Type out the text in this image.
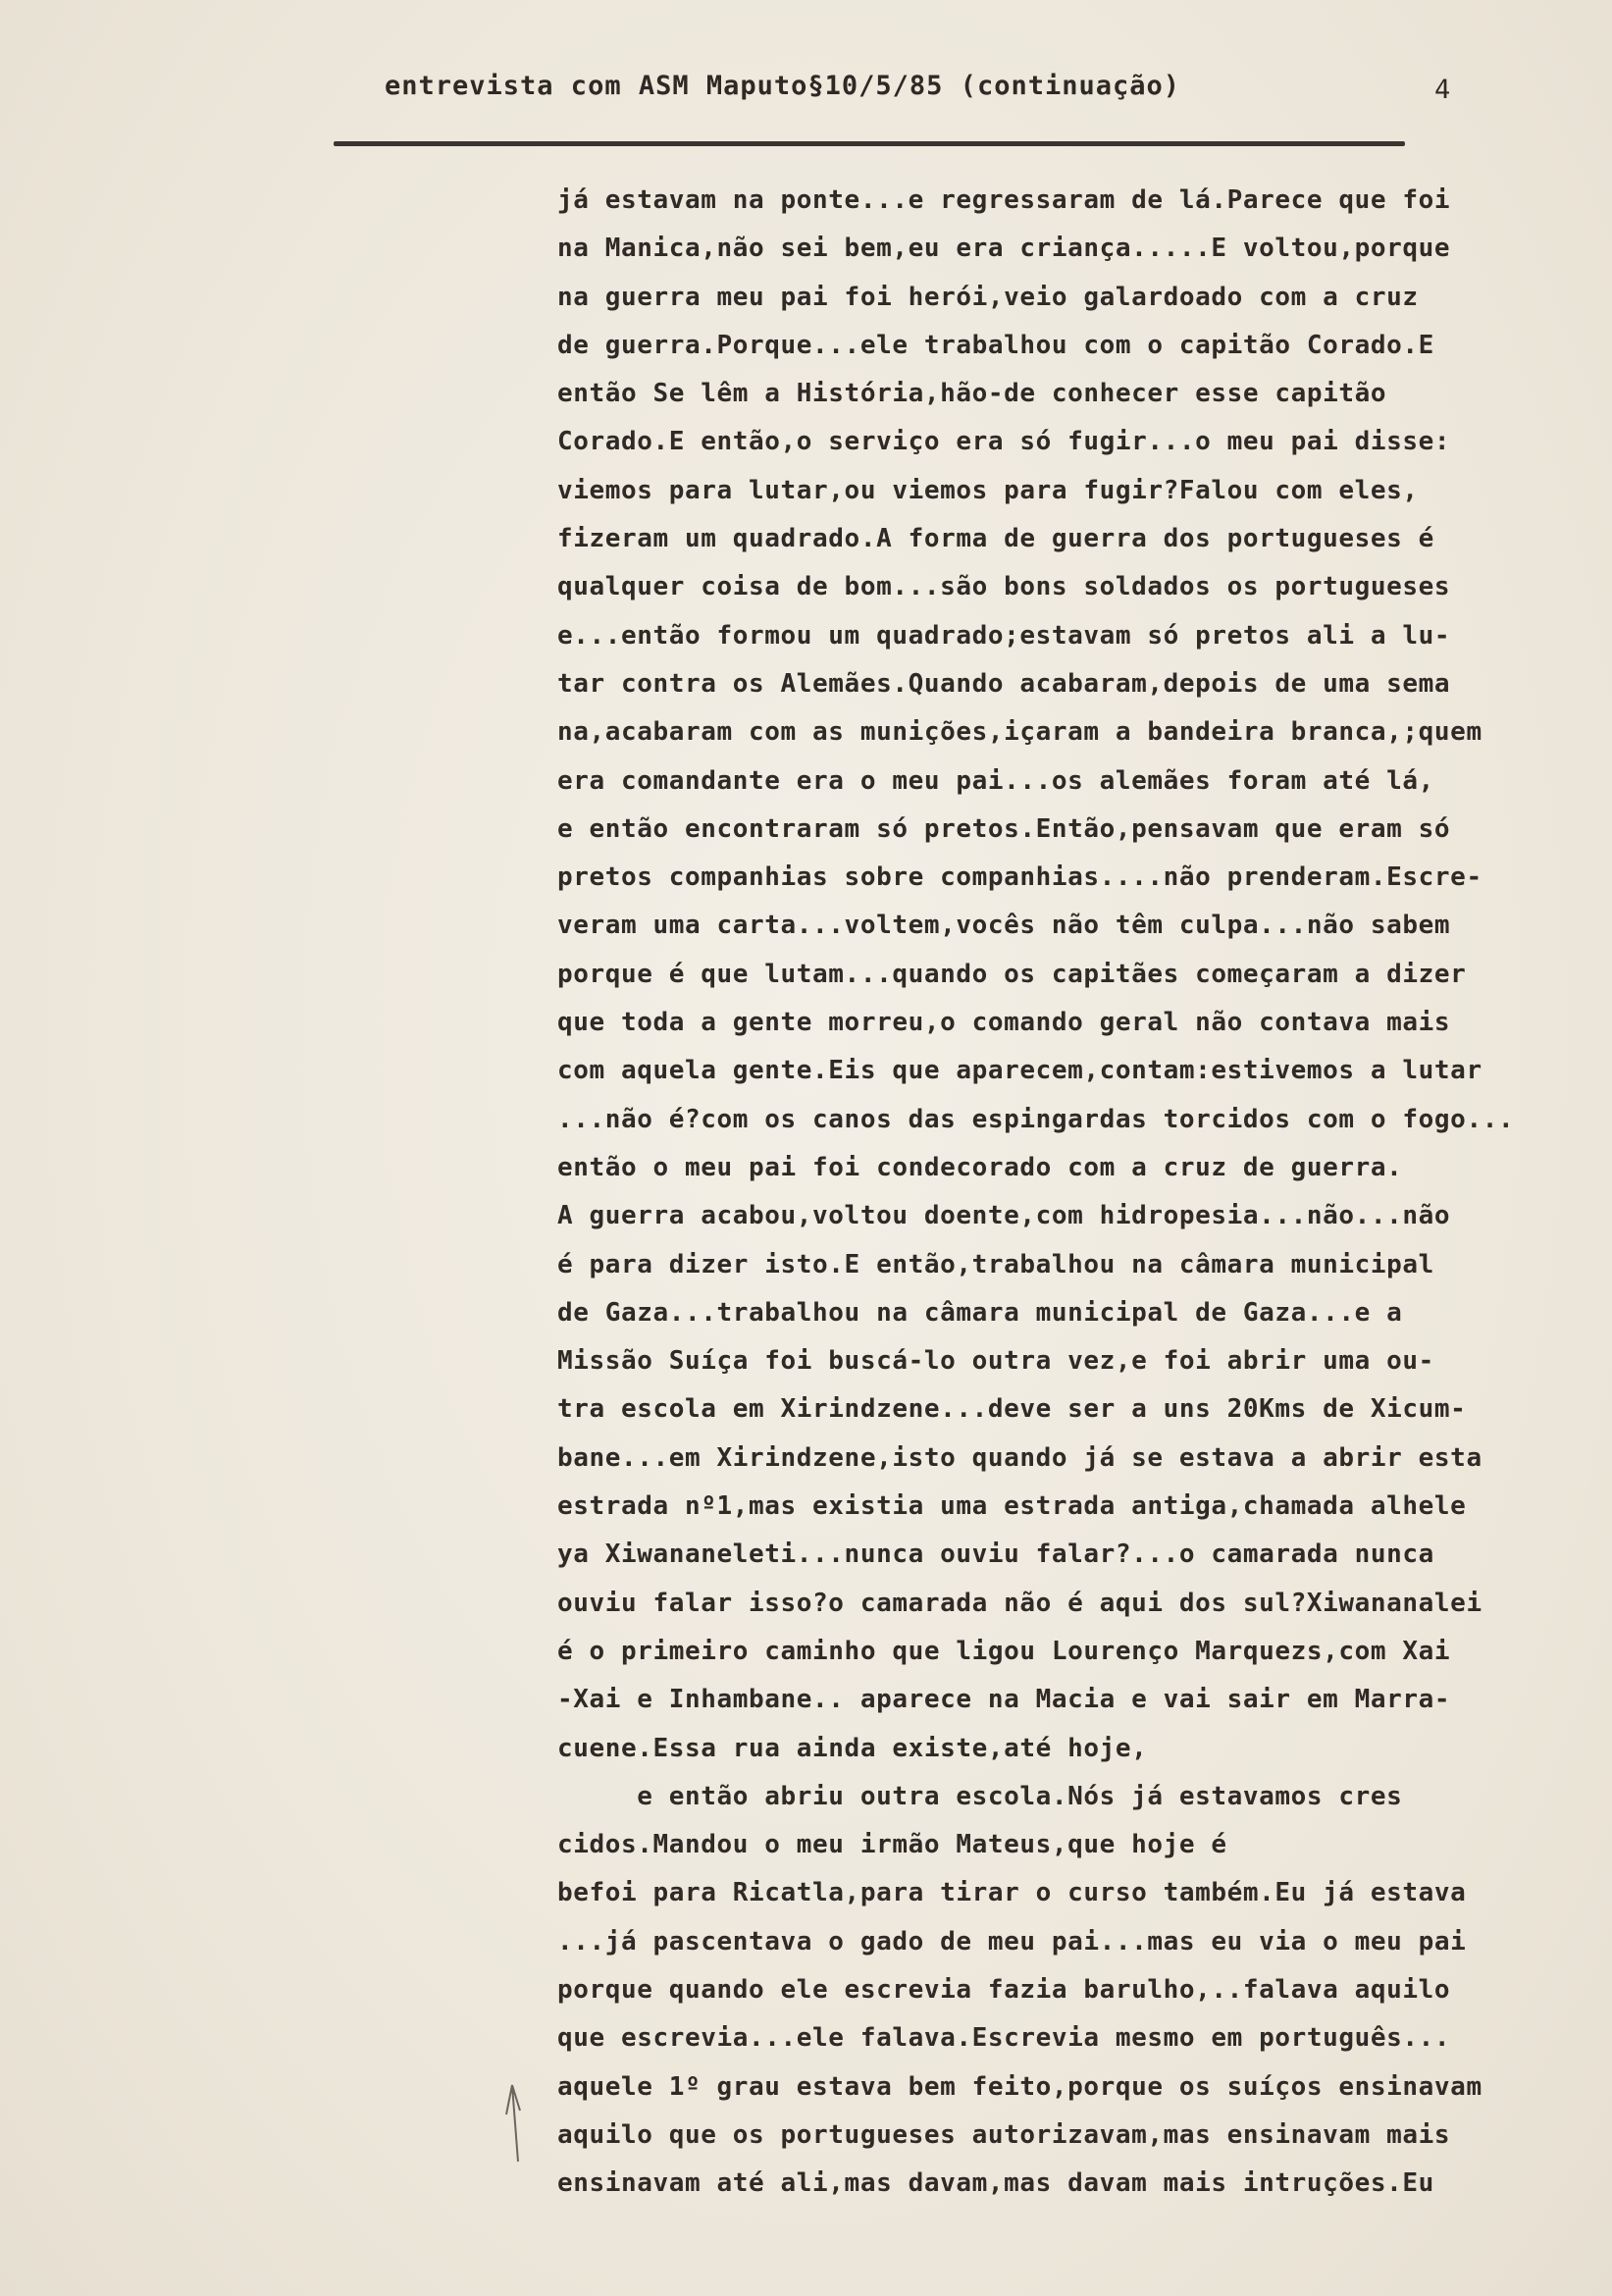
entrevista com ASM Maputo§10/5/85 (continuação)	4
já estavam na ponte...e regressaram de lá.Parece que foi
na Manica,não sei bem,eu era criança.....E voltou,porque
na guerra meu pai foi herói,veio galardoado com a cruz
de guerra.Porque...ele trabalhou com o capitão Corado.E
então Se lêm a História,hão-de conhecer esse capitão
Corado.E então,o serviço era só fugir...o meu pai disse:
viemos para lutar,ou viemos para fugir?Falou com eles,
fizeram um quadrado.A forma de guerra dos portugueses é
qualquer coisa de bom...são bons soldados os portugueses
e...então formou um quadrado;estavam só pretos ali a lu-
tar contra os Alemães.Quando acabaram,depois de uma sema
na,acabaram com as munições,içaram a bandeira branca,;quem
era comandante era o meu pai...os alemães foram até lá,
e então encontraram só pretos.Então,pensavam que eram só
pretos companhias sobre companhias....não prenderam.Escre-
veram uma carta...voltem,vocês não têm culpa...não sabem
porque é que lutam...quando os capitães começaram a dizer
que toda a gente morreu,o comando geral não contava mais
com aquela gente.Eis que aparecem,contam:estivemos a lutar
...não é?com os canos das espingardas torcidos com o fogo...
então o meu pai foi condecorado com a cruz de guerra.
A guerra acabou,voltou doente,com hidropesia...não...não
é para dizer isto.E então,trabalhou na câmara municipal
de Gaza...trabalhou na câmara municipal de Gaza...e a
Missão Suíça foi buscá-lo outra vez,e foi abrir uma ou-
tra escola em Xirindzene...deve ser a uns 20Kms de Xicum-
bane...em Xirindzene,isto quando já se estava a abrir esta
estrada nº1,mas existia uma estrada antiga,chamada alhele
ya Xiwananeleti...nunca ouviu falar?...o camarada nunca
ouviu falar isso?o camarada não é aqui dos sul?Xiwananalei
é o primeiro caminho que ligou Lourenço Marquezs,com Xai
-Xai e Inhambane.. aparece na Macia e vai sair em Marra-
cuene.Essa rua ainda existe,até hoje,
e então abriu outra escola.Nós já estavamos cres
cidos.Mandou o meu irmão Mateus,que hoje é
befoi para Ricatla,para tirar o curso também.Eu já estava
...já pascentava o gado de meu pai...mas eu via o meu pai
porque quando ele escrevia fazia barulho,..falava aquilo
que escrevia...ele falava.Escrevia mesmo em português...
aquele 1º grau estava bem feito,porque os suíços ensinavam
aquilo que os portugueses autorizavam,mas ensinavam mais
ensinavam até ali,mas davam,mas davam mais intruções.Eu
